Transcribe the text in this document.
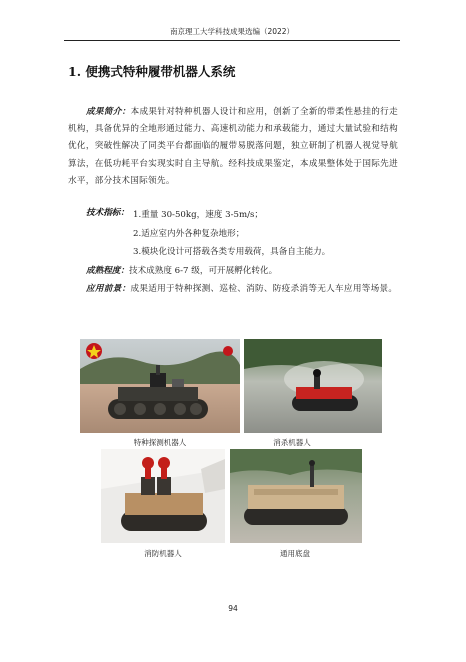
南京理工大学科技成果选编（2022）
1. 便携式特种履带机器人系统
成果简介：本成果针对特种机器人设计和应用，创新了全新的带柔性悬挂的行走机构，具备优异的全地形通过能力、高速机动能力和承载能力，通过大量试验和结构优化，突破性解决了同类平台都面临的履带易脱落问题，独立研制了机器人视觉导航算法，在低功耗平台实现实时自主导航。经科技成果鉴定，本成果整体处于国际先进水平，部分技术国际领先。
技术指标： 1.重量 30-50kg，速度 3-5m/s；
2.适应室内外各种复杂地形；
3.模块化设计可搭载各类专用载荷，具备自主能力。
成熟程度：技术成熟度 6-7 级，可开展孵化转化。
应用前景：成果适用于特种探测、巡检、消防、防疫杀消等无人车应用等场景。
特种探测机器人	消杀机器人
消防机器人	通用底盘
94
